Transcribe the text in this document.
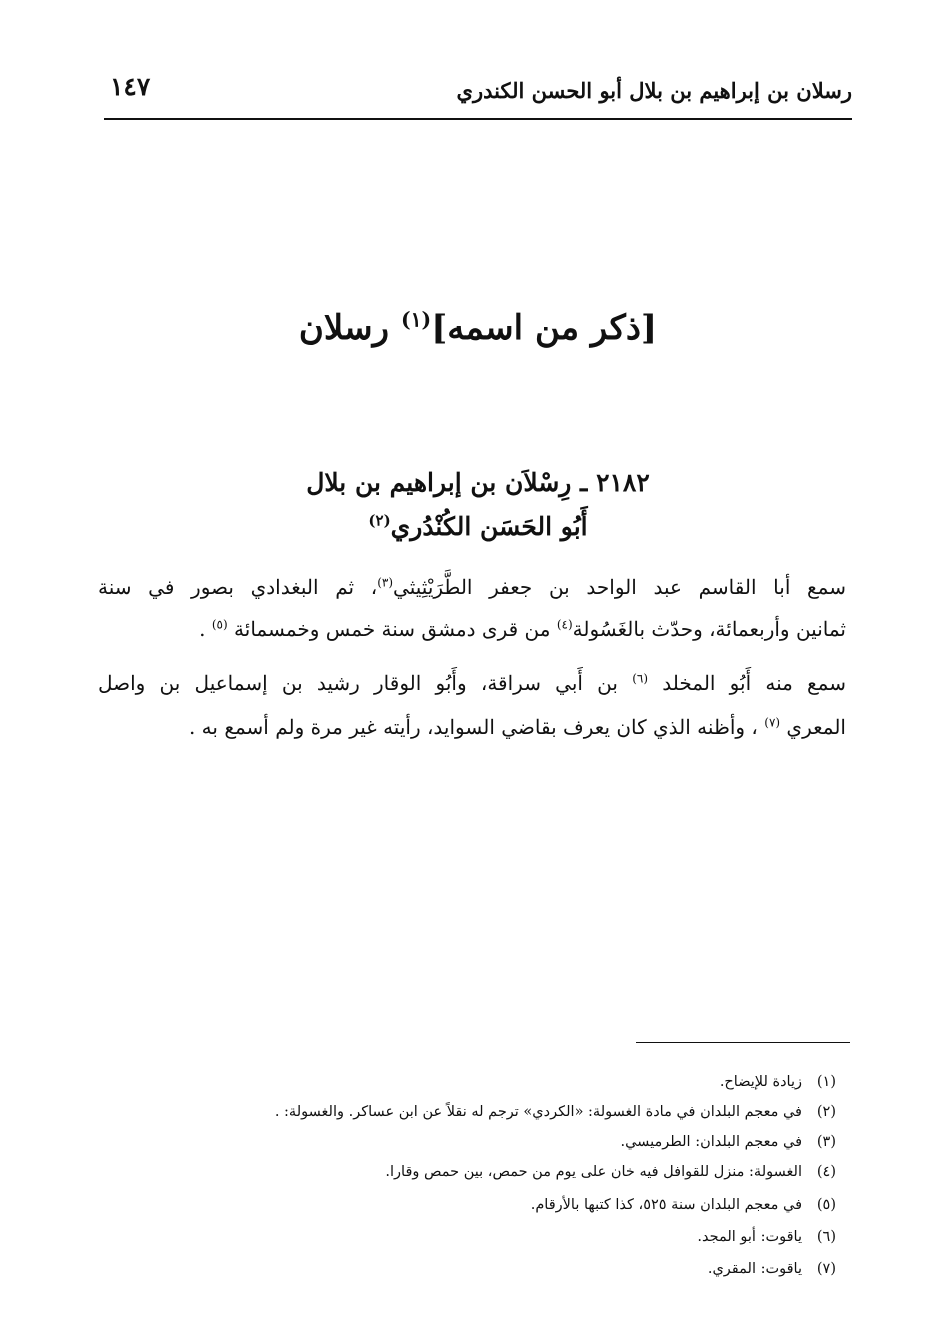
١٤٧	رسلان بن إبراهيم بن بلال أبو الحسن الكندري
[ذكر من اسمه]$^{(١)}$ رسلان
٢١٨٢ ـ رِسْلاَن بن إبراهيم بن بلال
أَبُو الحَسَن الكُنْدُري$^{(٢)}$
سمع أبا القاسم عبد الواحد بن جعفر الطَّرَيْثِيثي$^{(٣)}$، ثم البغدادي بصور في سنة
ثمانين وأربعمائة، وحدّث بالغَسُولة$^{(٤)}$ من قرى دمشق سنة خمس وخمسمائة $^{(٥)}$ .
سمع منه أَبُو المخلد $^{(٦)}$ بن أَبي سراقة، وأَبُو الوقار رشيد بن إسماعيل بن واصل
المعري $^{(٧)}$ ، وأظنه الذي كان يعرف بقاضي السوايد، رأيته غير مرة ولم أسمع به .
(١)زيادة للإيضاح.
(٢)في معجم البلدان في مادة الغسولة: «الكردي» ترجم له نقلاً عن ابن عساكر. والغسولة: .
(٣)في معجم البلدان: الطرميسي.
(٤)الغسولة: منزل للقوافل فيه خان على يوم من حمص، بين حمص وقارا.
(٥)في معجم البلدان سنة ٥٢٥، كذا كتبها بالأرقام.
(٦)ياقوت: أبو المجد.
(٧)ياقوت: المقري.
